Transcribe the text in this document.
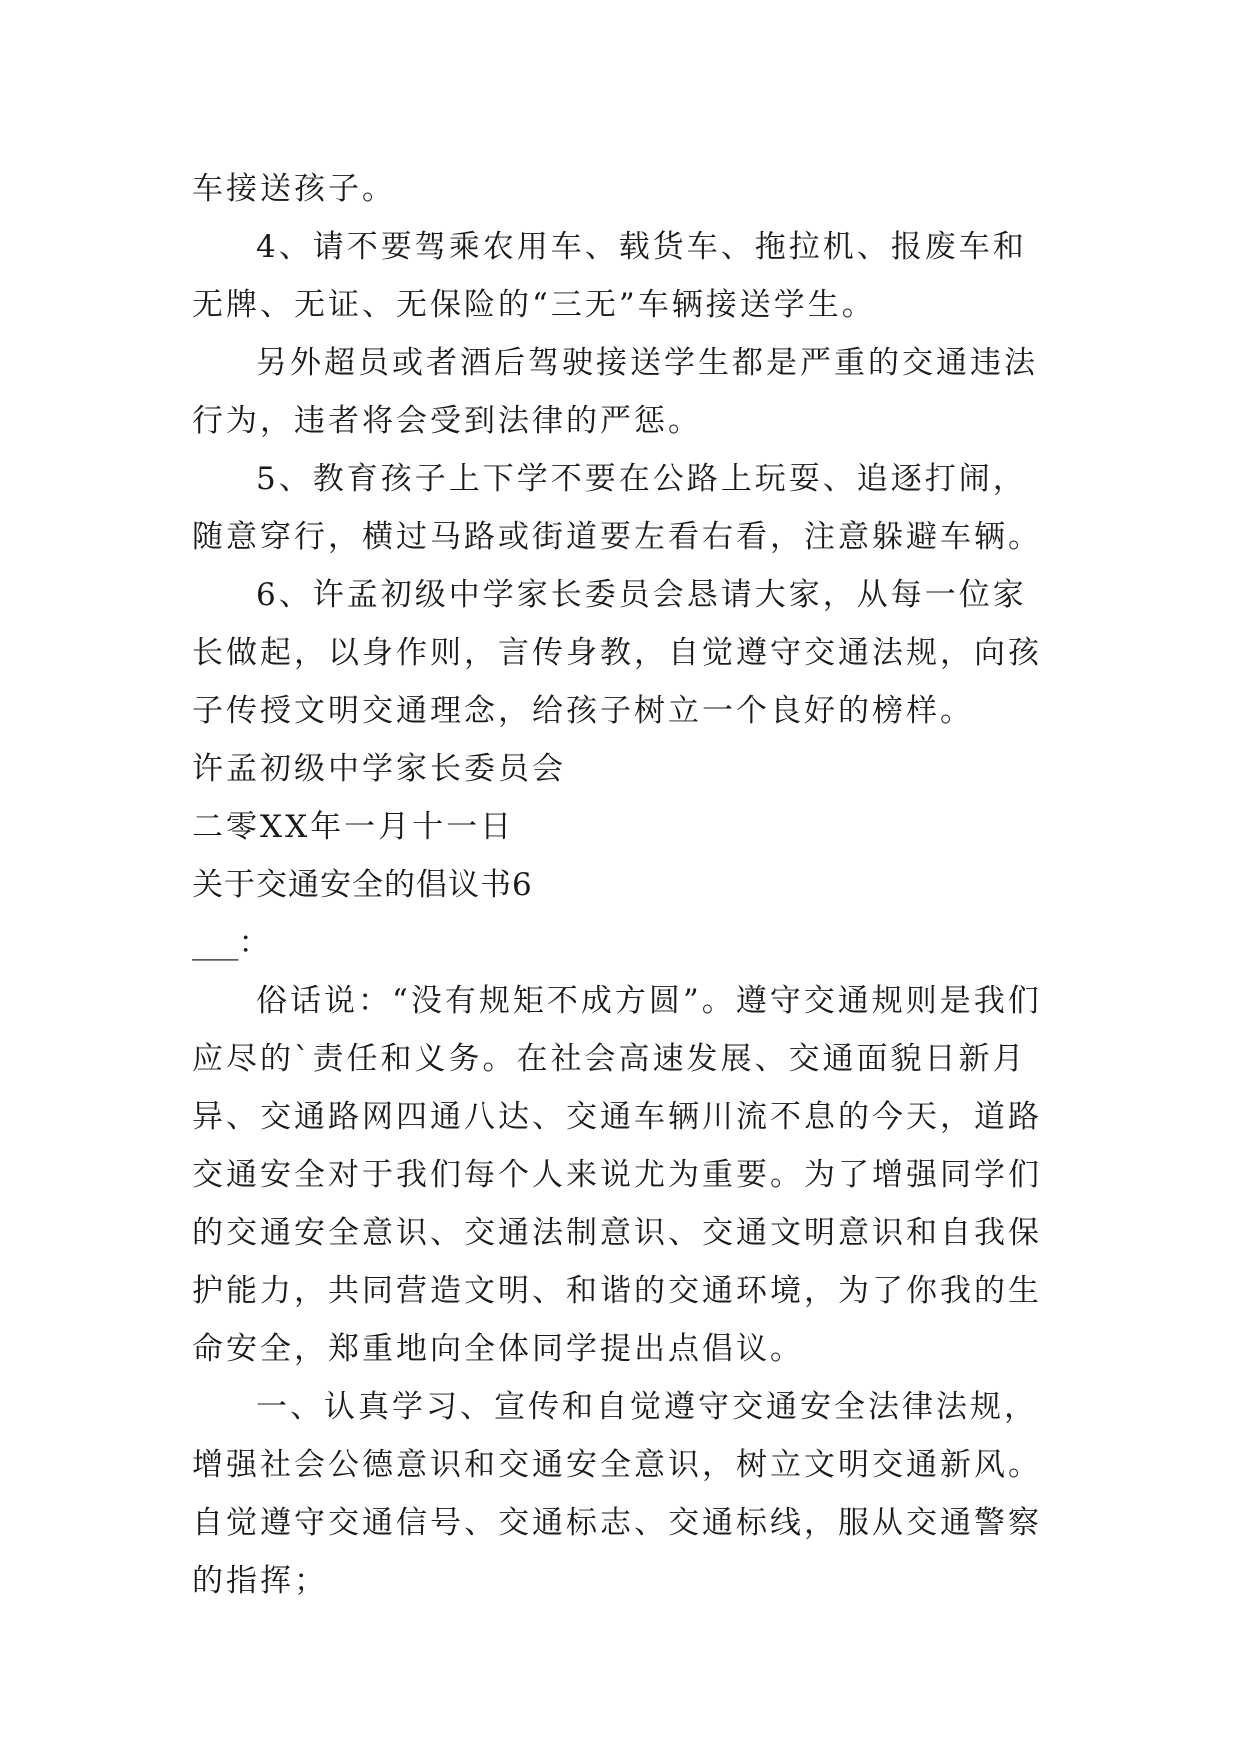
车接送孩子。

4、请不要驾乘农用车、载货车、拖拉机、报废车和无牌、无证、无保险的“三无”车辆接送学生。

另外超员或者酒后驾驶接送学生都是严重的交通违法行为，违者将会受到法律的严惩。

5、教育孩子上下学不要在公路上玩耍、追逐打闹，随意穿行，横过马路或街道要左看右看，注意躲避车辆。

6、许孟初级中学家长委员会恳请大家，从每一位家长做起，以身作则，言传身教，自觉遵守交通法规，向孩子传授文明交通理念，给孩子树立一个良好的榜样。

许孟初级中学家长委员会

二零XX年一月十一日

关于交通安全的倡议书6

___：

俗话说：“没有规矩不成方圆”。遵守交通规则是我们应尽的`责任和义务。在社会高速发展、交通面貌日新月异、交通路网四通八达、交通车辆川流不息的今天，道路交通安全对于我们每个人来说尤为重要。为了增强同学们的交通安全意识、交通法制意识、交通文明意识和自我保护能力，共同营造文明、和谐的交通环境，为了你我的生命安全，郑重地向全体同学提出点倡议。

一、认真学习、宣传和自觉遵守交通安全法律法规，增强社会公德意识和交通安全意识，树立文明交通新风。自觉遵守交通信号、交通标志、交通标线，服从交通警察的指挥；
